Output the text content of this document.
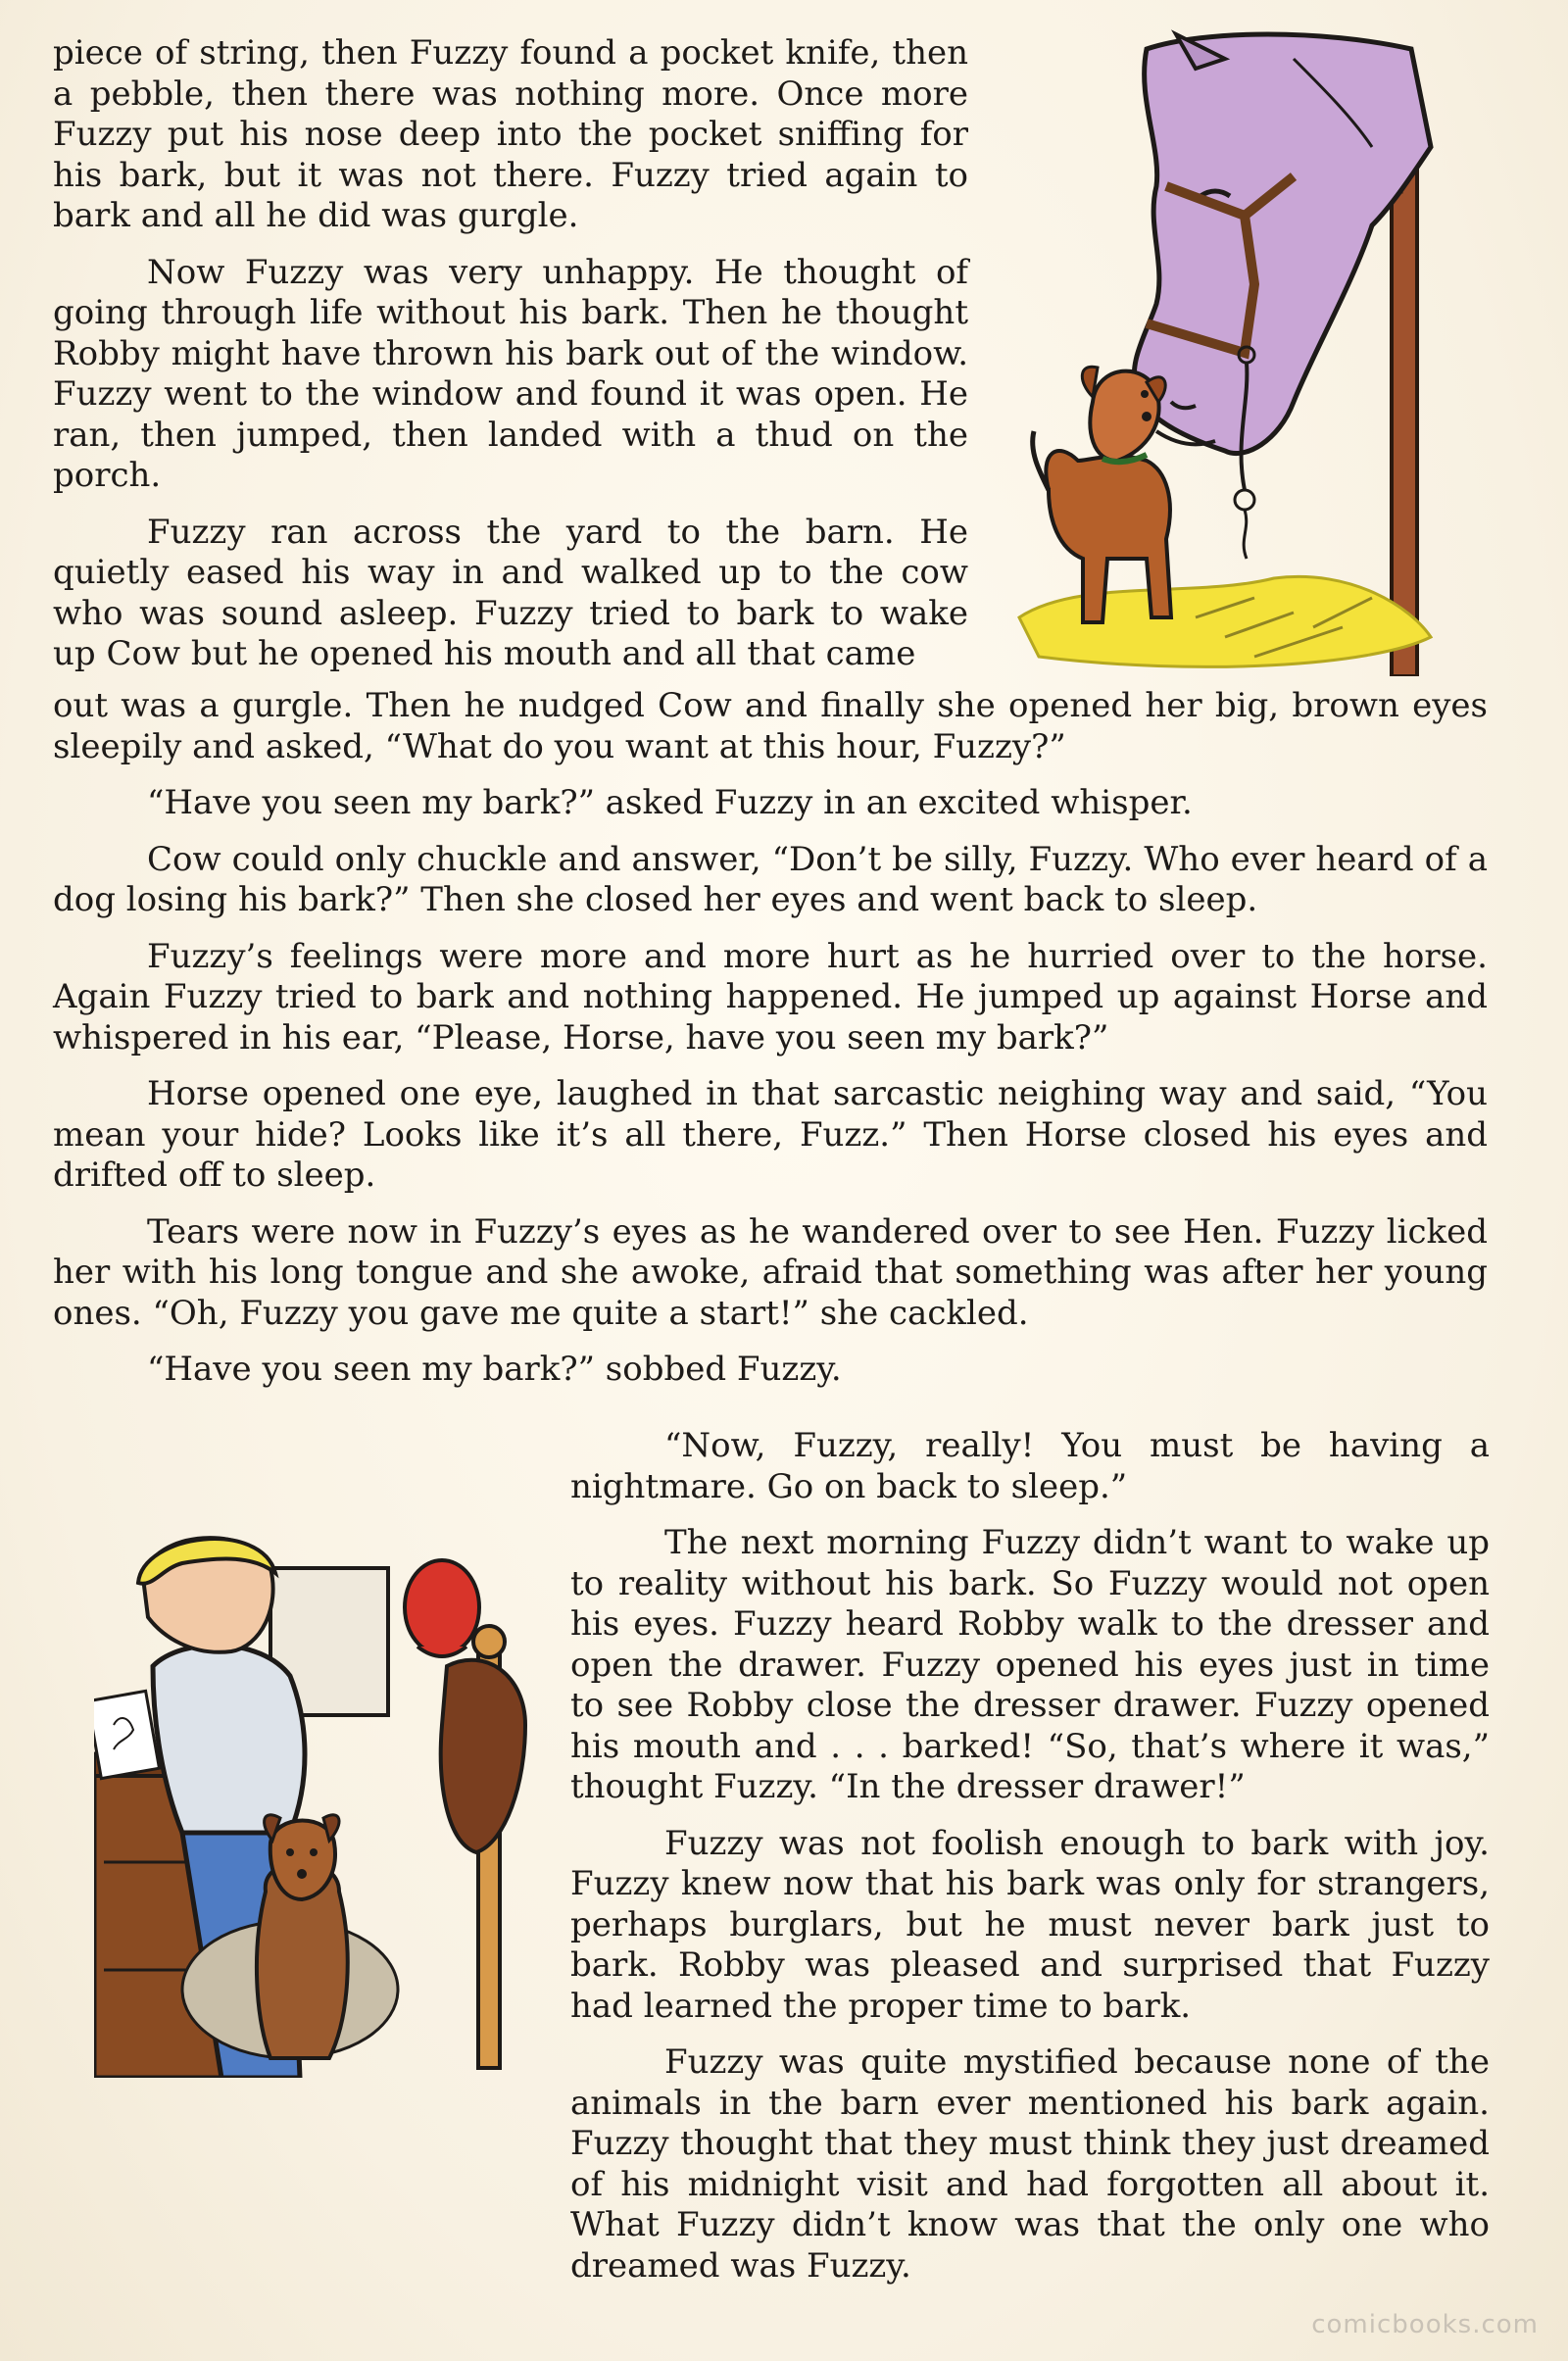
piece of string, then Fuzzy found a pocket knife, then a pebble, then there was nothing more. Once more Fuzzy put his nose deep into the pocket sniffing for his bark, but it was not there. Fuzzy tried again to bark and all he did was gurgle.

Now Fuzzy was very unhappy. He thought of going through life without his bark. Then he thought Robby might have thrown his bark out of the window. Fuzzy went to the window and found it was open. He ran, then jumped, then landed with a thud on the porch.

Fuzzy ran across the yard to the barn. He quietly eased his way in and walked up to the cow who was sound asleep. Fuzzy tried to bark to wake up Cow but he opened his mouth and all that came

out was a gurgle. Then he nudged Cow and finally she opened her big, brown eyes sleepily and asked, “What do you want at this hour, Fuzzy?”

“Have you seen my bark?” asked Fuzzy in an excited whisper.

Cow could only chuckle and answer, “Don’t be silly, Fuzzy. Who ever heard of a dog losing his bark?” Then she closed her eyes and went back to sleep.

Fuzzy’s feelings were more and more hurt as he hurried over to the horse. Again Fuzzy tried to bark and nothing happened. He jumped up against Horse and whispered in his ear, “Please, Horse, have you seen my bark?”

Horse opened one eye, laughed in that sarcastic neighing way and said, “You mean your hide? Looks like it’s all there, Fuzz.” Then Horse closed his eyes and drifted off to sleep.

Tears were now in Fuzzy’s eyes as he wandered over to see Hen. Fuzzy licked her with his long tongue and she awoke, afraid that something was after her young ones. “Oh, Fuzzy you gave me quite a start!” she cackled.

“Have you seen my bark?” sobbed Fuzzy.

“Now, Fuzzy, really! You must be having a nightmare. Go on back to sleep.”

The next morning Fuzzy didn’t want to wake up to reality without his bark. So Fuzzy would not open his eyes. Fuzzy heard Robby walk to the dresser and open the drawer. Fuzzy opened his eyes just in time to see Robby close the dresser drawer. Fuzzy opened his mouth and . . . barked! “So, that’s where it was,” thought Fuzzy. “In the dresser drawer!”

Fuzzy was not foolish enough to bark with joy. Fuzzy knew now that his bark was only for strangers, perhaps burglars, but he must never bark just to bark. Robby was pleased and surprised that Fuzzy had learned the proper time to bark.

Fuzzy was quite mystified because none of the animals in the barn ever mentioned his bark again. Fuzzy thought that they must think they just dreamed of his midnight visit and had forgotten all about it. What Fuzzy didn’t know was that the only one who dreamed was Fuzzy.

comicbooks.com
